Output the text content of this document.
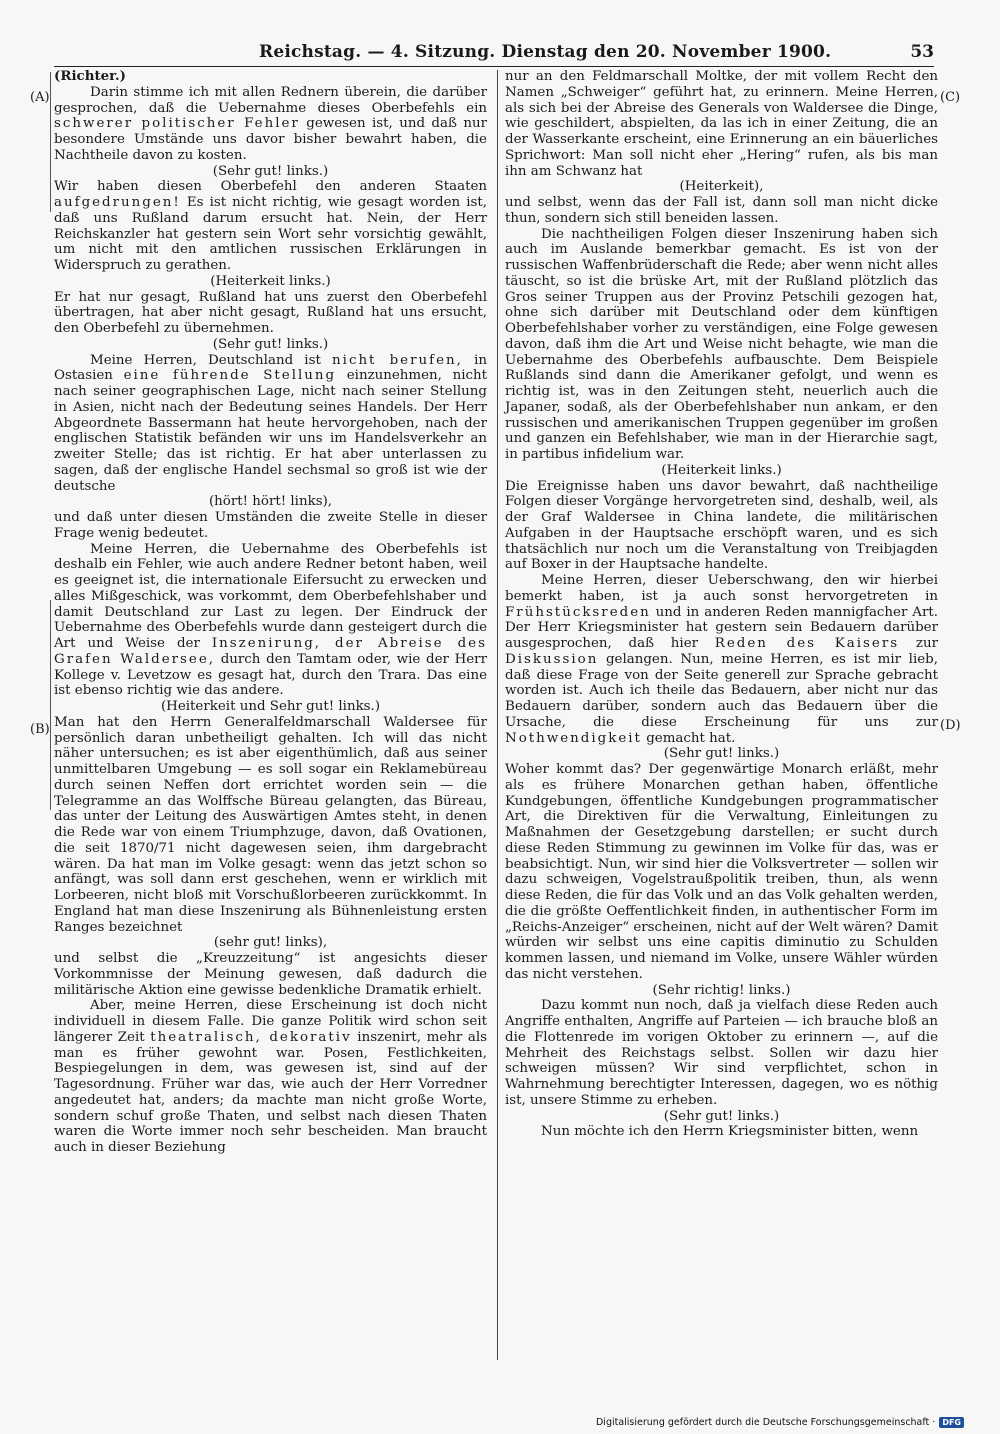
Reichstag. — 4. Sitzung. Dienstag den 20. November 1900.	53
(A)
(B)
(C)
(D)

(Richter.)

Darin stimme ich mit allen Rednern überein, die darüber gesprochen, daß die Uebernahme dieses Oberbefehls ein schwerer politischer Fehler gewesen ist, und daß nur besondere Umstände uns davor bisher bewahrt haben, die Nachtheile davon zu kosten.

(Sehr gut! links.)

Wir haben diesen Oberbefehl den anderen Staaten aufgedrungen! Es ist nicht richtig, wie gesagt worden ist, daß uns Rußland darum ersucht hat. Nein, der Herr Reichskanzler hat gestern sein Wort sehr vorsichtig gewählt, um nicht mit den amtlichen russischen Erklärungen in Widerspruch zu gerathen.

(Heiterkeit links.)

Er hat nur gesagt, Rußland hat uns zuerst den Oberbefehl übertragen, hat aber nicht gesagt, Rußland hat uns ersucht, den Oberbefehl zu übernehmen.

(Sehr gut! links.)

Meine Herren, Deutschland ist nicht berufen, in Ostasien eine führende Stellung einzunehmen, nicht nach seiner geographischen Lage, nicht nach seiner Stellung in Asien, nicht nach der Bedeutung seines Handels. Der Herr Abgeordnete Bassermann hat heute hervorgehoben, nach der englischen Statistik befänden wir uns im Handelsverkehr an zweiter Stelle; das ist richtig. Er hat aber unterlassen zu sagen, daß der englische Handel sechsmal so groß ist wie der deutsche

(hört! hört! links),

und daß unter diesen Umständen die zweite Stelle in dieser Frage wenig bedeutet.

Meine Herren, die Uebernahme des Oberbefehls ist deshalb ein Fehler, wie auch andere Redner betont haben, weil es geeignet ist, die internationale Eifersucht zu erwecken und alles Mißgeschick, was vorkommt, dem Oberbefehlshaber und damit Deutschland zur Last zu legen. Der Eindruck der Uebernahme des Oberbefehls wurde dann gesteigert durch die Art und Weise der Inszenirung, der Abreise des Grafen Waldersee, durch den Tamtam oder, wie der Herr Kollege v. Levetzow es gesagt hat, durch den Trara. Das eine ist ebenso richtig wie das andere.

(Heiterkeit und Sehr gut! links.)

Man hat den Herrn Generalfeldmarschall Waldersee für persönlich daran unbetheiligt gehalten. Ich will das nicht näher untersuchen; es ist aber eigenthümlich, daß aus seiner unmittelbaren Umgebung — es soll sogar ein Reklamebüreau durch seinen Neffen dort errichtet worden sein — die Telegramme an das Wolffsche Büreau gelangten, das Büreau, das unter der Leitung des Auswärtigen Amtes steht, in denen die Rede war von einem Triumphzuge, davon, daß Ovationen, die seit 1870/71 nicht dagewesen seien, ihm dargebracht wären. Da hat man im Volke gesagt: wenn das jetzt schon so anfängt, was soll dann erst geschehen, wenn er wirklich mit Lorbeeren, nicht bloß mit Vorschußlorbeeren zurückkommt. In England hat man diese Inszenirung als Bühnenleistung ersten Ranges bezeichnet

(sehr gut! links),

und selbst die „Kreuzzeitung“ ist angesichts dieser Vorkommnisse der Meinung gewesen, daß dadurch die militärische Aktion eine gewisse bedenkliche Dramatik erhielt.

Aber, meine Herren, diese Erscheinung ist doch nicht individuell in diesem Falle. Die ganze Politik wird schon seit längerer Zeit theatralisch, dekorativ inszenirt, mehr als man es früher gewohnt war. Posen, Festlichkeiten, Bespiegelungen in dem, was gewesen ist, sind auf der Tagesordnung. Früher war das, wie auch der Herr Vorredner angedeutet hat, anders; da machte man nicht große Worte, sondern schuf große Thaten, und selbst nach diesen Thaten waren die Worte immer noch sehr bescheiden. Man braucht auch in dieser Beziehung

nur an den Feldmarschall Moltke, der mit vollem Recht den Namen „Schweiger“ geführt hat, zu erinnern. Meine Herren, als sich bei der Abreise des Generals von Waldersee die Dinge, wie geschildert, abspielten, da las ich in einer Zeitung, die an der Wasserkante erscheint, eine Erinnerung an ein bäuerliches Sprichwort: Man soll nicht eher „Hering“ rufen, als bis man ihn am Schwanz hat

(Heiterkeit),

und selbst, wenn das der Fall ist, dann soll man nicht dicke thun, sondern sich still beneiden lassen.

Die nachtheiligen Folgen dieser Inszenirung haben sich auch im Auslande bemerkbar gemacht. Es ist von der russischen Waffenbrüderschaft die Rede; aber wenn nicht alles täuscht, so ist die brüske Art, mit der Rußland plötzlich das Gros seiner Truppen aus der Provinz Petschili gezogen hat, ohne sich darüber mit Deutschland oder dem künftigen Oberbefehlshaber vorher zu verständigen, eine Folge gewesen davon, daß ihm die Art und Weise nicht behagte, wie man die Uebernahme des Oberbefehls aufbauschte. Dem Beispiele Rußlands sind dann die Amerikaner gefolgt, und wenn es richtig ist, was in den Zeitungen steht, neuerlich auch die Japaner, sodaß, als der Oberbefehlshaber nun ankam, er den russischen und amerikanischen Truppen gegenüber im großen und ganzen ein Befehlshaber, wie man in der Hierarchie sagt, in partibus infidelium war.

(Heiterkeit links.)

Die Ereignisse haben uns davor bewahrt, daß nachtheilige Folgen dieser Vorgänge hervorgetreten sind, deshalb, weil, als der Graf Waldersee in China landete, die militärischen Aufgaben in der Hauptsache erschöpft waren, und es sich thatsächlich nur noch um die Veranstaltung von Treibjagden auf Boxer in der Hauptsache handelte.

Meine Herren, dieser Ueberschwang, den wir hierbei bemerkt haben, ist ja auch sonst hervorgetreten in Frühstücksreden und in anderen Reden mannigfacher Art. Der Herr Kriegsminister hat gestern sein Bedauern darüber ausgesprochen, daß hier Reden des Kaisers zur Diskussion gelangen. Nun, meine Herren, es ist mir lieb, daß diese Frage von der Seite generell zur Sprache gebracht worden ist. Auch ich theile das Bedauern, aber nicht nur das Bedauern darüber, sondern auch das Bedauern über die Ursache, die diese Erscheinung für uns zur Nothwendigkeit gemacht hat.

(Sehr gut! links.)

Woher kommt das? Der gegenwärtige Monarch erläßt, mehr als es frühere Monarchen gethan haben, öffentliche Kundgebungen, öffentliche Kundgebungen programmatischer Art, die Direktiven für die Verwaltung, Einleitungen zu Maßnahmen der Gesetzgebung darstellen; er sucht durch diese Reden Stimmung zu gewinnen im Volke für das, was er beabsichtigt. Nun, wir sind hier die Volksvertreter — sollen wir dazu schweigen, Vogelstraußpolitik treiben, thun, als wenn diese Reden, die für das Volk und an das Volk gehalten werden, die die größte Oeffentlichkeit finden, in authentischer Form im „Reichs-Anzeiger“ erscheinen, nicht auf der Welt wären? Damit würden wir selbst uns eine capitis diminutio zu Schulden kommen lassen, und niemand im Volke, unsere Wähler würden das nicht verstehen.

(Sehr richtig! links.)

Dazu kommt nun noch, daß ja vielfach diese Reden auch Angriffe enthalten, Angriffe auf Parteien — ich brauche bloß an die Flottenrede im vorigen Oktober zu erinnern —, auf die Mehrheit des Reichstags selbst. Sollen wir dazu hier schweigen müssen? Wir sind verpflichtet, schon in Wahrnehmung berechtigter Interessen, dagegen, wo es nöthig ist, unsere Stimme zu erheben.

(Sehr gut! links.)

Nun möchte ich den Herrn Kriegsminister bitten, wenn

Digitalisierung gefördert durch die Deutsche Forschungsgemeinschaft · DFG
